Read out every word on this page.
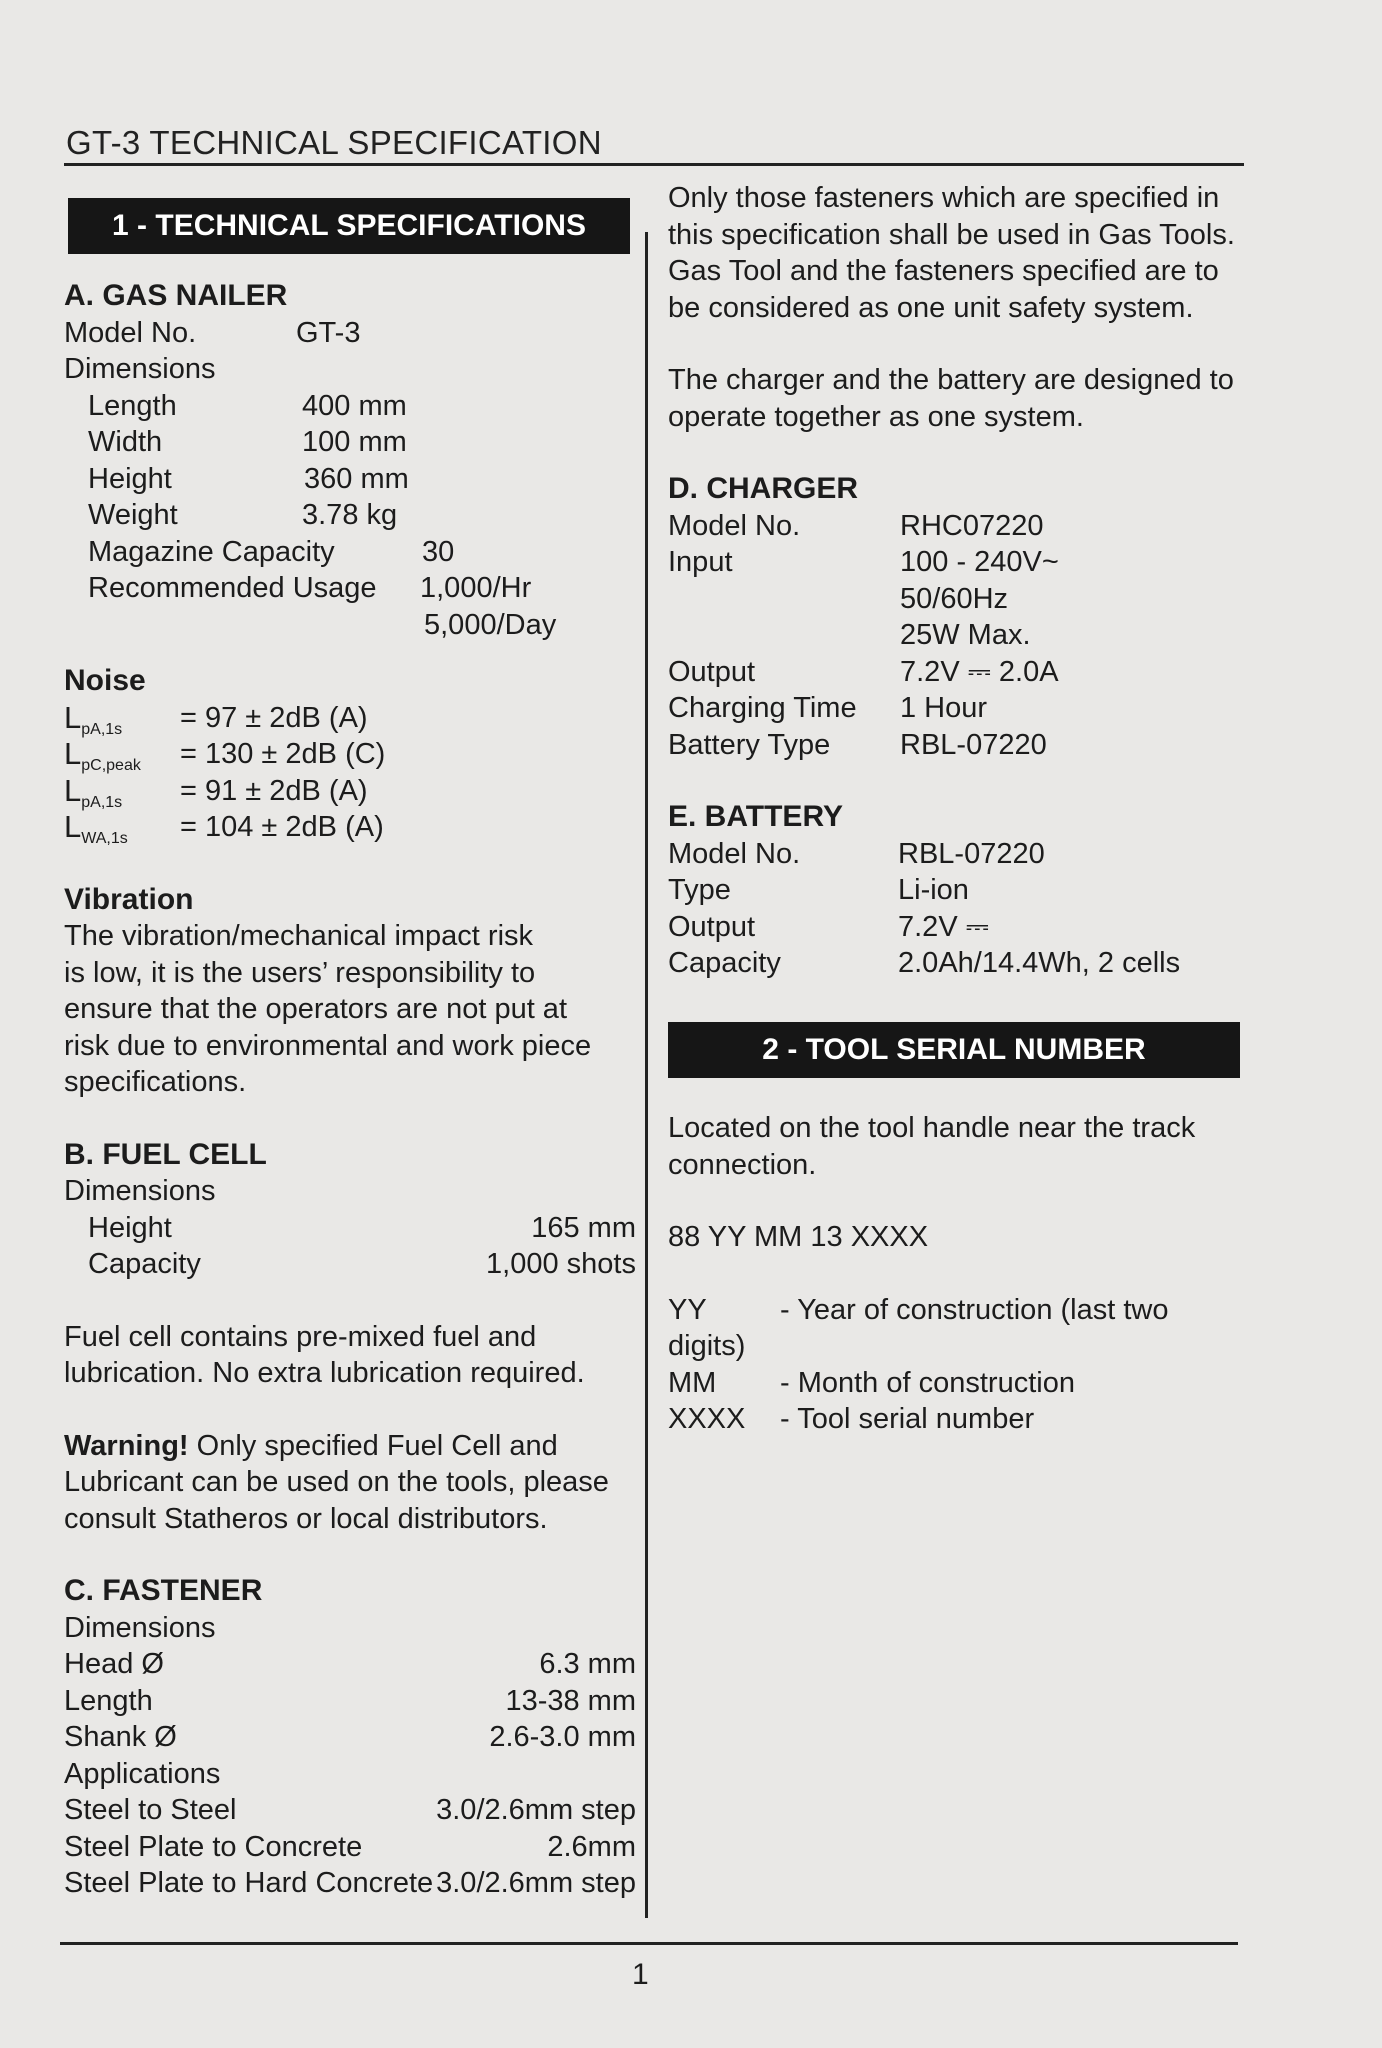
GT-3 TECHNICAL SPECIFICATION
1 - TECHNICAL SPECIFICATIONS
A. GAS NAILER
Model No.	GT-3
Dimensions
Length	400 mm
Width	100 mm
Height	360 mm
Weight	3.78 kg
Magazine Capacity	30
Recommended Usage 1,000/Hr
5,000/Day
Noise
$L_{pA,1s} = 97 \pm 2dB$ (A)
$L_{pC,peak} = 130 \pm 2dB$ (C)
$L_{pA,1s} = 91 \pm 2dB$ (A)
$L_{WA,1s} = 104 \pm 2dB$ (A)
Vibration
The vibration/mechanical impact risk
is low, it is the users’ responsibility to
ensure that the operators are not put at
risk due to environmental and work piece
specifications.
B. FUEL CELL
Dimensions
Height	165 mm
Capacity	1,000 shots
Fuel cell contains pre-mixed fuel and
lubrication. No extra lubrication required.
Warning! Only specified Fuel Cell and
Lubricant can be used on the tools, please
consult Statheros or local distributors.
C. FASTENER
Dimensions
Head Ø	6.3 mm
Length	13-38 mm
Shank Ø	2.6-3.0 mm
Applications
Steel to Steel	3.0/2.6mm step
Steel Plate to Concrete	2.6mm
Steel Plate to Hard Concrete 3.0/2.6mm step
Only those fasteners which are specified in
this specification shall be used in Gas Tools.
Gas Tool and the fasteners specified are to
be considered as one unit safety system.
The charger and the battery are designed to
operate together as one system.
D. CHARGER
Model No.	RHC07220
Input	100 - 240V~
50/60Hz
25W Max.
Output	7.2V ⎓ 2.0A
Charging Time 1 Hour
Battery Type RBL-07220
E. BATTERY
Model No.	RBL-07220
Type	Li-ion
Output	7.2V ⎓
Capacity	2.0Ah/14.4Wh, 2 cells
2 - TOOL SERIAL NUMBER
Located on the tool handle near the track
connection.
88 YY MM 13 XXXX
YY	- Year of construction (last two
digits)
MM - Month of construction
XXXX - Tool serial number
1
